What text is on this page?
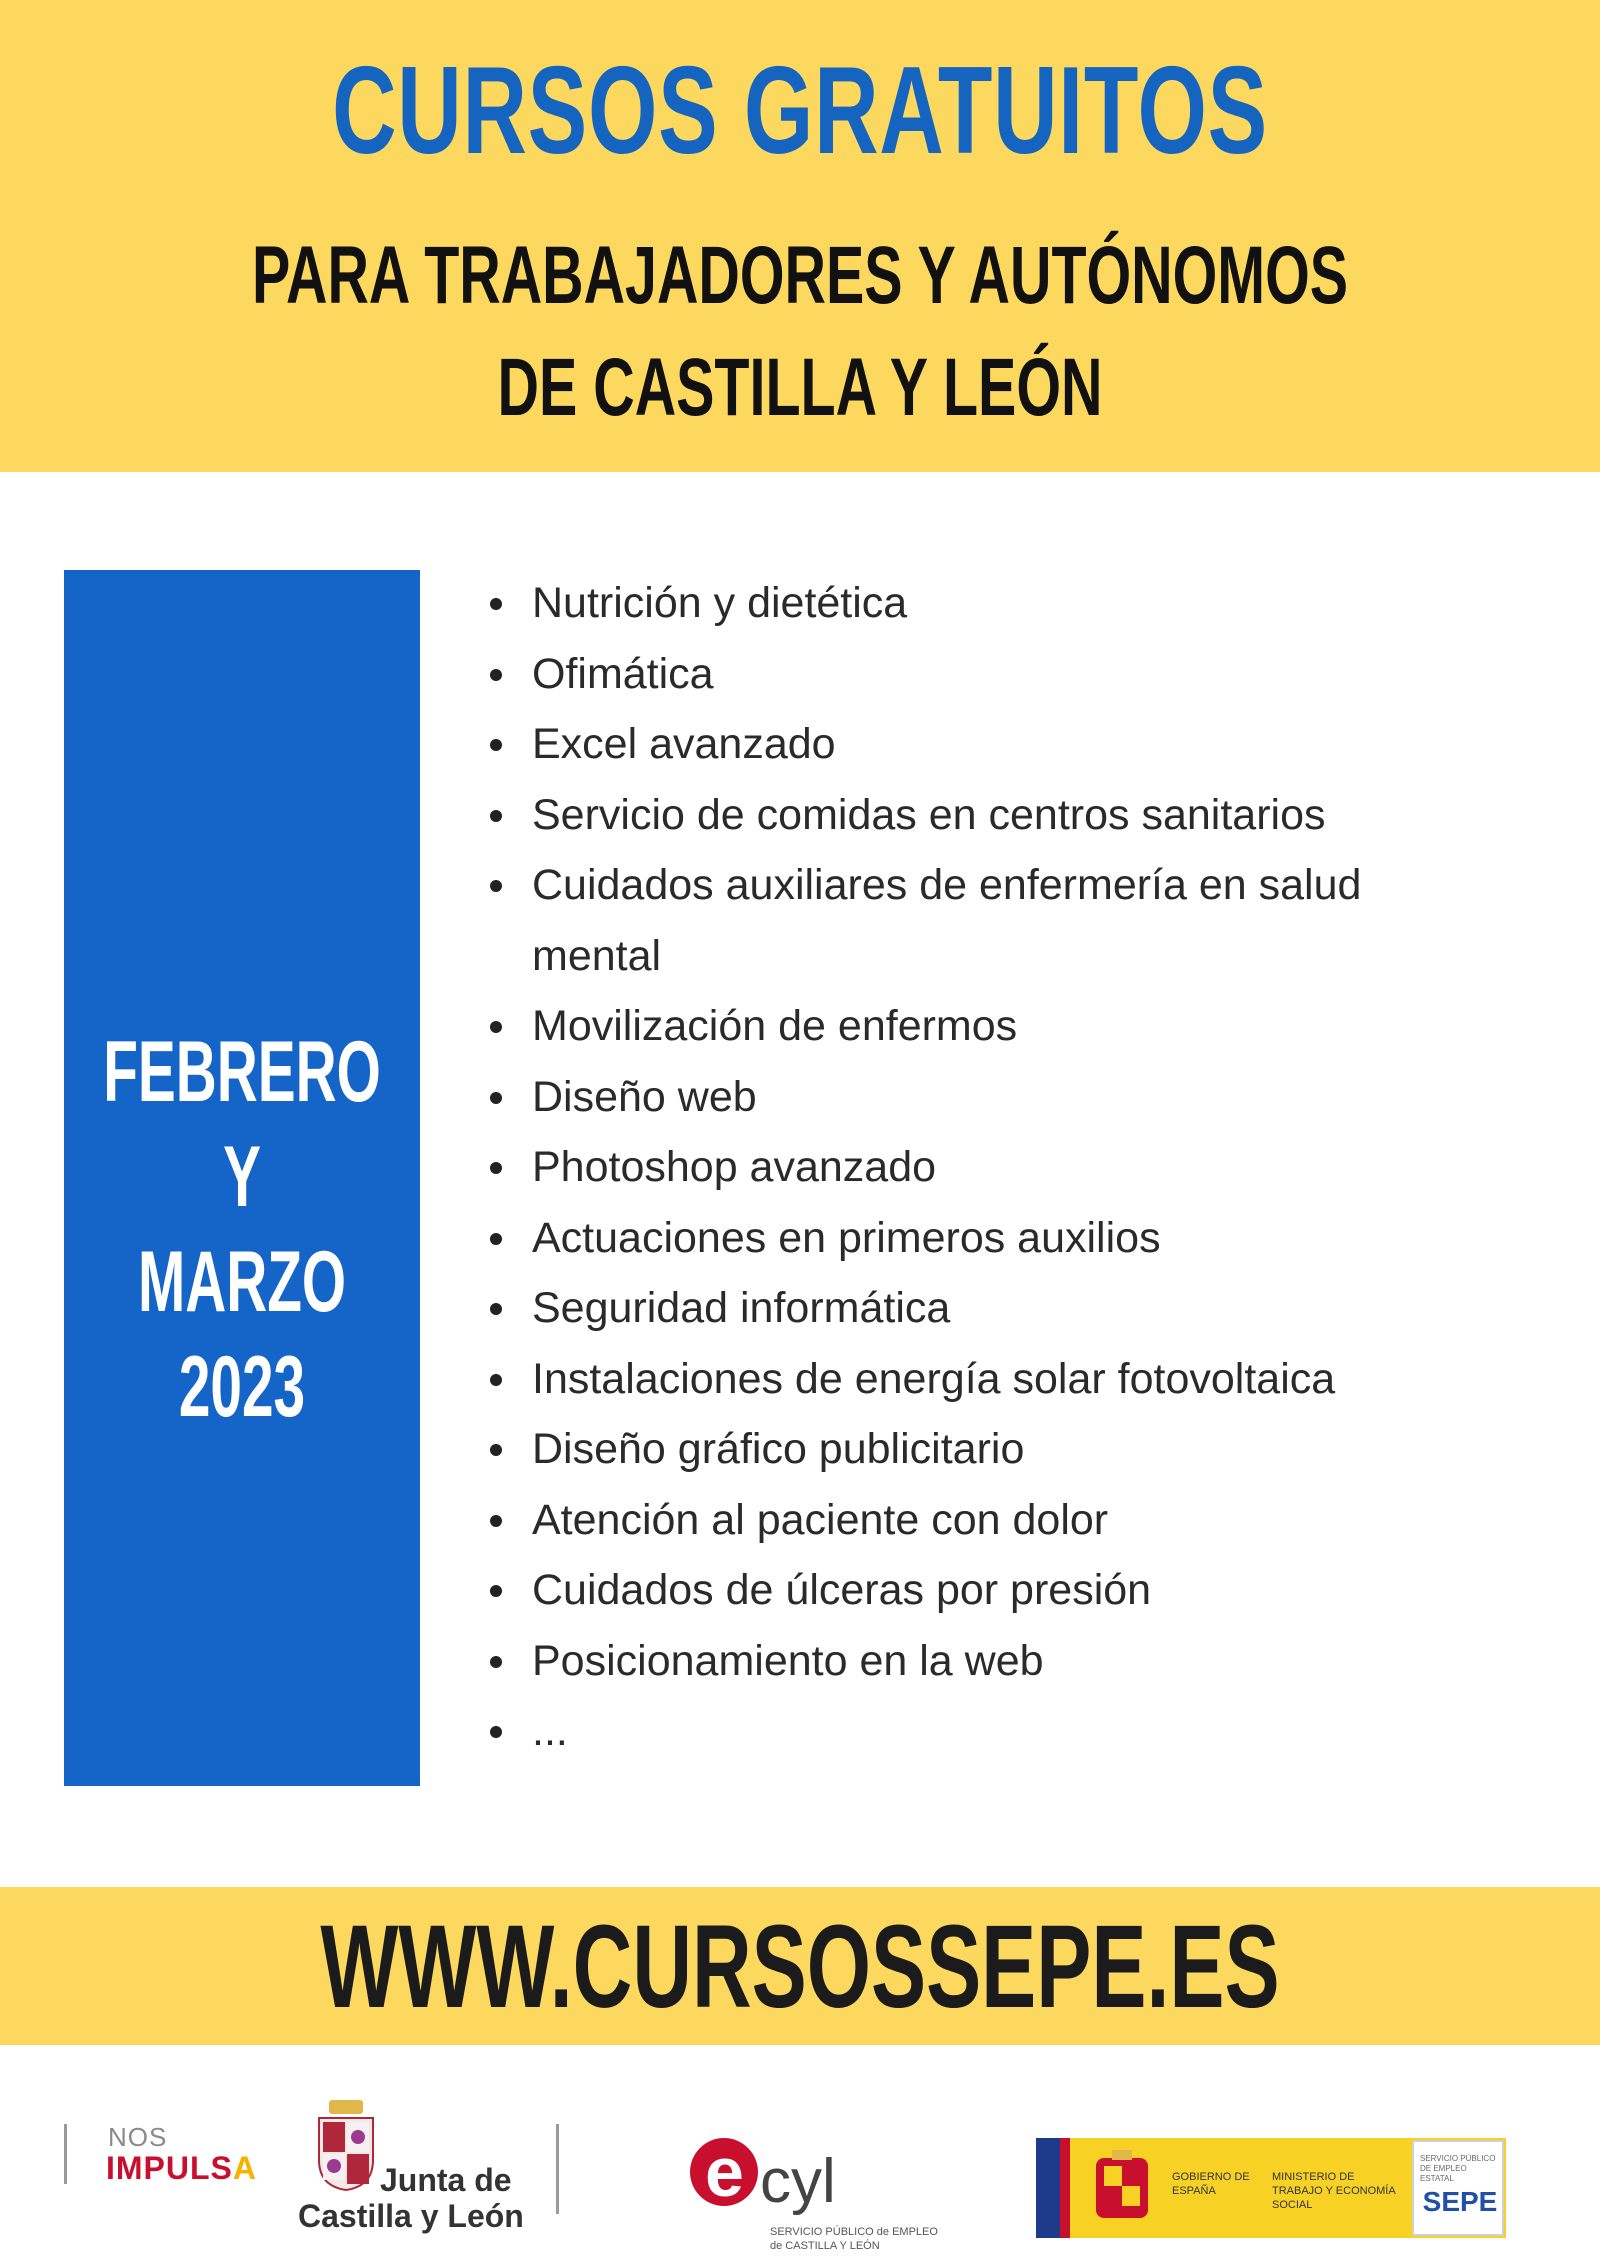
CURSOS GRATUITOS
PARA TRABAJADORES Y AUTÓNOMOS
DE CASTILLA Y LEÓN
FEBRERO
Y
MARZO
2023
Nutrición y dietética
Ofimática
Excel avanzado
Servicio de comidas en centros sanitarios
Cuidados auxiliares de enfermería en salud mental
Movilización de enfermos
Diseño web
Photoshop avanzado
Actuaciones en primeros auxilios
Seguridad informática
Instalaciones de energía solar fotovoltaica
Diseño gráfico publicitario
Atención al paciente con dolor
Cuidados de úlceras por presión
Posicionamiento en la web
...
WWW.CURSOSSEPE.ES
NOS
IMPULSA	Junta de
Castilla y León
e cyl
SERVICIO PÚBLICO de EMPLEO
de CASTILLA Y LEÓN
GOBIERNO DE ESPAÑA
MINISTERIO DE TRABAJO Y ECONOMÍA SOCIAL
SERVICIO PÚBLICO DE EMPLEO ESTATAL
SEPE
